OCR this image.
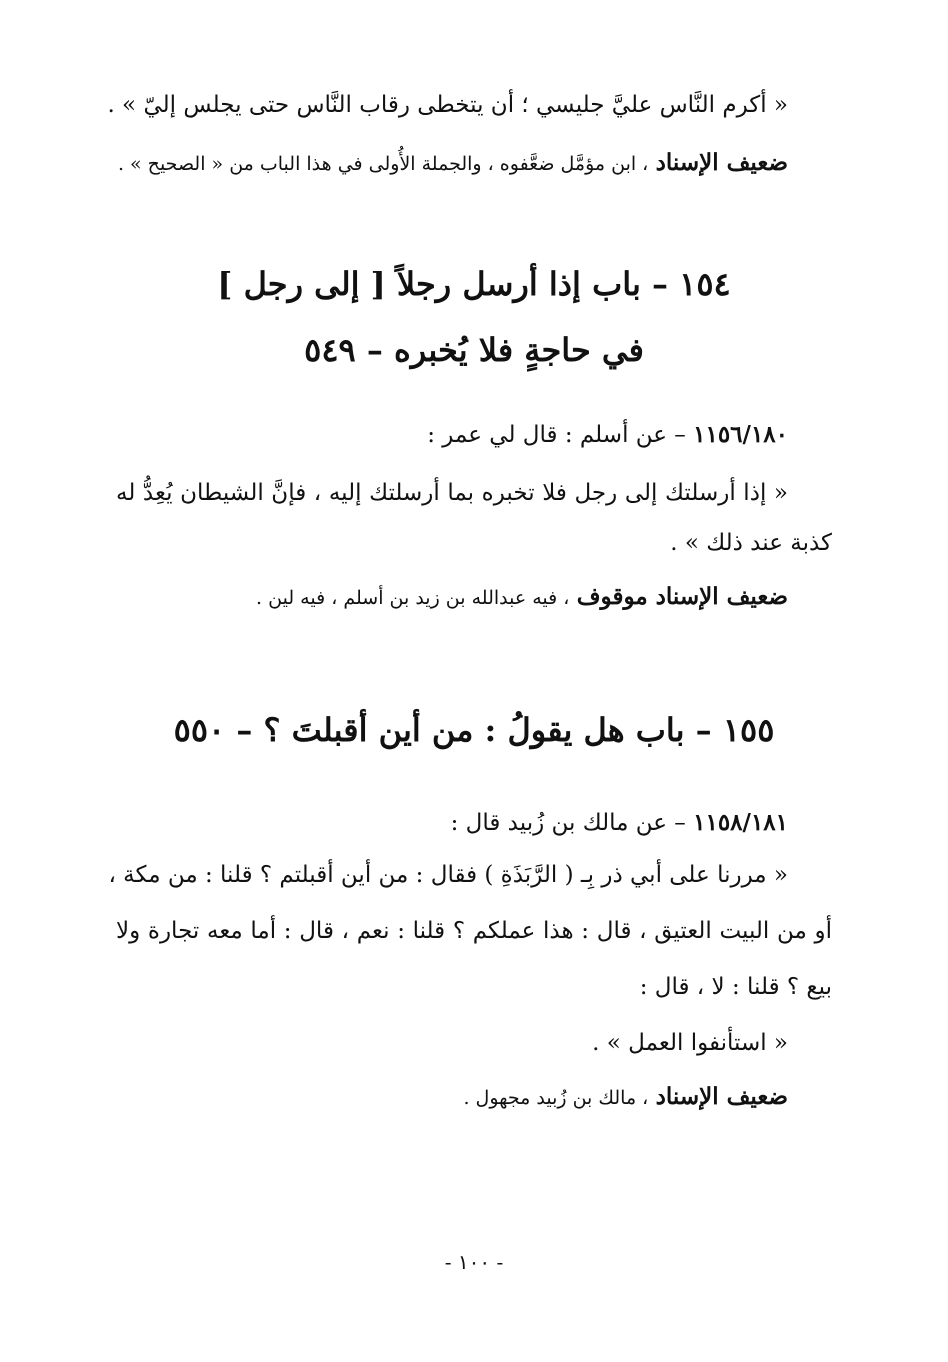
« أكرم النَّاس عليَّ جليسي ؛ أن يتخطى رقاب النَّاس حتى يجلس إليّ » .
ضعيف الإسناد ، ابن مؤمَّل ضعَّفوه ، والجملة الأُولى في هذا الباب من « الصحيح » .
١٥٤ – باب إذا أرسل رجلاً [ إلى رجل ]
في حاجةٍ فلا يُخبره – ٥٤٩
١١٥٦/١٨٠ – عن أسلم : قال لي عمر :
« إذا أرسلتك إلى رجل فلا تخبره بما أرسلتك إليه ، فإنَّ الشيطان يُعِدُّ له
كذبة عند ذلك » .
ضعيف الإسناد موقوف ، فيه عبدالله بن زيد بن أسلم ، فيه لين .
١٥٥ – باب هل يقولُ : من أين أقبلتَ ؟ – ٥٥٠
١١٥٨/١٨١ – عن مالك بن زُبيد قال :
« مررنا على أبي ذر بِـ ( الرَّبَذَةِ ) فقال : من أين أقبلتم ؟ قلنا : من مكة ،
أو من البيت العتيق ، قال : هذا عملكم ؟ قلنا : نعم ، قال : أما معه تجارة ولا
بيع ؟ قلنا : لا ، قال :
« استأنفوا العمل » .
ضعيف الإسناد ، مالك بن زُبيد مجهول .
- ١٠٠ -
